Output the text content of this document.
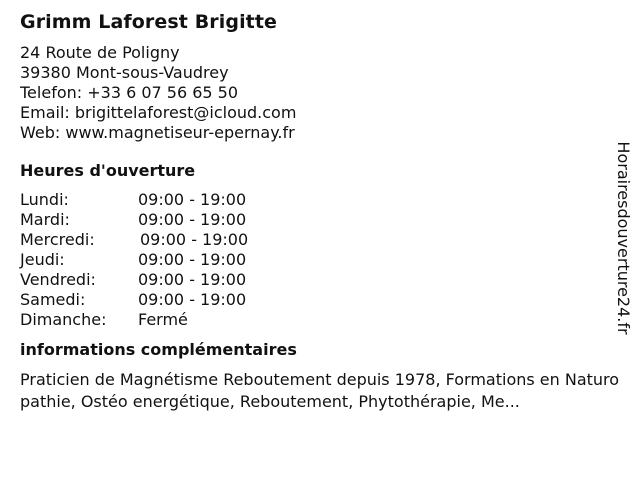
Grimm Laforest Brigitte
24 Route de Poligny
39380 Mont-sous-Vaudrey
Telefon: +33 6 07 56 65 50
Email: brigittelaforest@icloud.com
Web: www.magnetiseur-epernay.fr
Heures d'ouverture
Lundi:	09:00 - 19:00
Mardi:	09:00 - 19:00
Mercredi:	09:00 - 19:00
Jeudi:	09:00 - 19:00
Vendredi:	09:00 - 19:00
Samedi:	09:00 - 19:00
Dimanche:	Fermé
informations complémentaires
Praticien de Magnétisme Reboutement depuis 1978, Formations en Naturopathie, Ostéo energétique, Reboutement, Phytothérapie, Me...
Horairesdouverture24.fr
